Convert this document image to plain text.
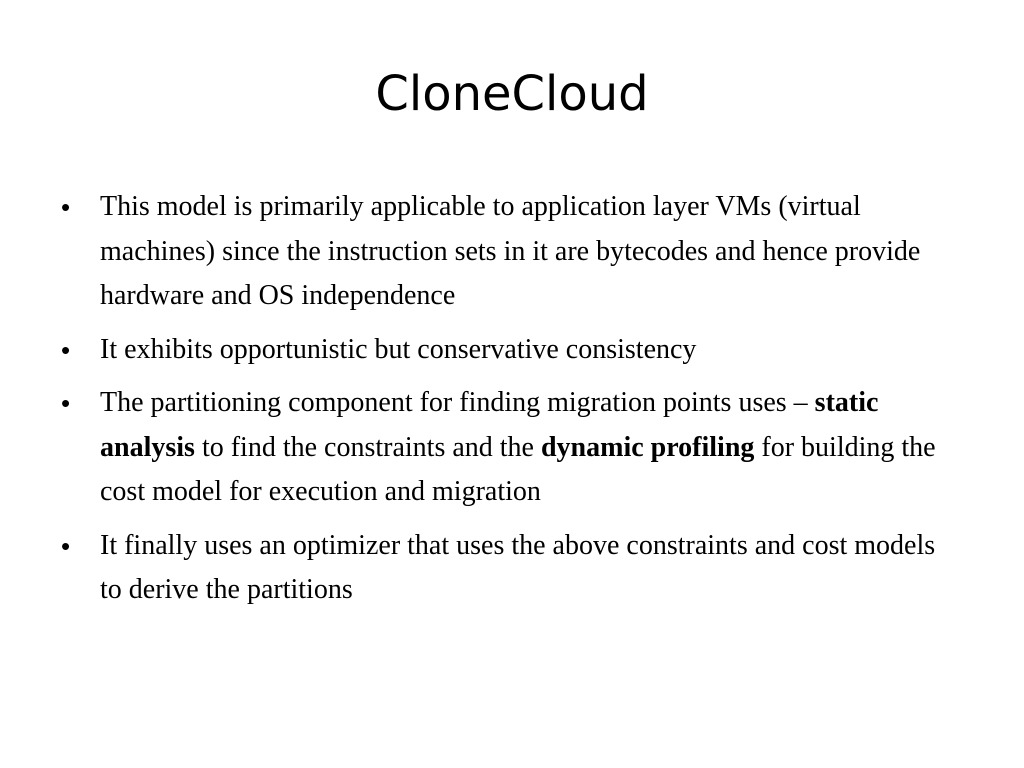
CloneCloud
• This model is primarily applicable to application layer VMs (virtual machines) since the instruction sets in it are bytecodes and hence provide hardware and OS independence
• It exhibits opportunistic but conservative consistency
• The partitioning component for finding migration points uses – static analysis to find the constraints and the dynamic profiling for building the cost model for execution and migration
• It finally uses an optimizer that uses the above constraints and cost models to derive the partitions
